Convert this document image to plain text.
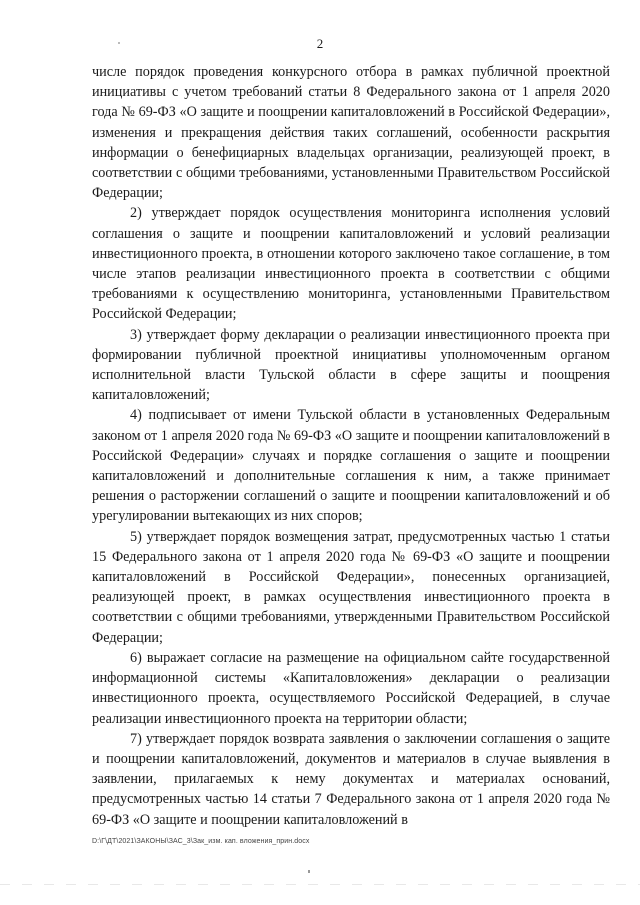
2

числе порядок проведения конкурсного отбора в рамках публичной проектной инициативы с учетом требований статьи 8 Федерального закона от 1 апреля 2020 года № 69-ФЗ «О защите и поощрении капиталовложений в Российской Федерации», изменения и прекращения действия таких соглашений, особенности раскрытия информации о бенефициарных владельцах организации, реализующей проект, в соответствии с общими требованиями, установленными Правительством Российской Федерации;

2) утверждает порядок осуществления мониторинга исполнения условий соглашения о защите и поощрении капиталовложений и условий реализации инвестиционного проекта, в отношении которого заключено такое соглашение, в том числе этапов реализации инвестиционного проекта в соответствии с общими требованиями к осуществлению мониторинга, установленными Правительством Российской Федерации;

3) утверждает форму декларации о реализации инвестиционного проекта при формировании публичной проектной инициативы уполномоченным органом исполнительной власти Тульской области в сфере защиты и поощрения капиталовложений;

4) подписывает от имени Тульской области в установленных Федеральным законом от 1 апреля 2020 года № 69-ФЗ «О защите и поощрении капиталовложений в Российской Федерации» случаях и порядке соглашения о защите и поощрении капиталовложений и дополнительные соглашения к ним, а также принимает решения о расторжении соглашений о защите и поощрении капиталовложений и об урегулировании вытекающих из них споров;

5) утверждает порядок возмещения затрат, предусмотренных частью 1 статьи 15 Федерального закона от 1 апреля 2020 года № 69-ФЗ «О защите и поощрении капиталовложений в Российской Федерации», понесенных организацией, реализующей проект, в рамках осуществления инвестиционного проекта в соответствии с общими требованиями, утвержденными Правительством Российской Федерации;

6) выражает согласие на размещение на официальном сайте государственной информационной системы «Капиталовложения» декларации о реализации инвестиционного проекта, осуществляемого Российской Федерацией, в случае реализации инвестиционного проекта на территории области;

7) утверждает порядок возврата заявления о заключении соглашения о защите и поощрении капиталовложений, документов и материалов в случае выявления в заявлении, прилагаемых к нему документах и материалах оснований, предусмотренных частью 14 статьи 7 Федерального закона от 1 апреля 2020 года № 69-ФЗ «О защите и поощрении капиталовложений в

D:\Г\ДТ\2021\ЗАКОНЫ\ЗАС_3\Зак_изм. кап. вложения_прин.docx
